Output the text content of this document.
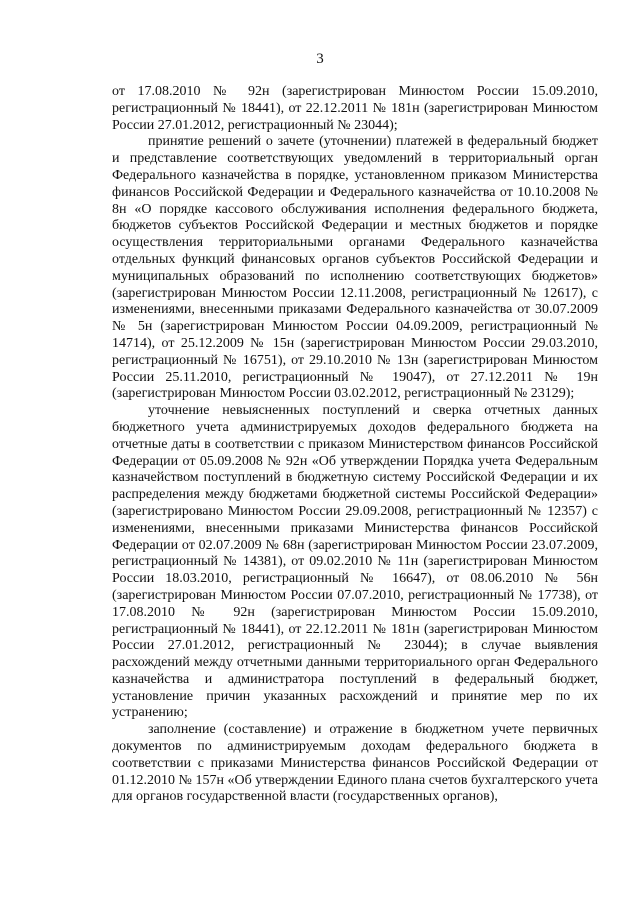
3

от 17.08.2010 № 92н (зарегистрирован Минюстом России 15.09.2010, регистрационный № 18441), от 22.12.2011 № 181н (зарегистрирован Минюстом России 27.01.2012, регистрационный № 23044);

принятие решений о зачете (уточнении) платежей в федеральный бюджет и представление соответствующих уведомлений в территориальный орган Федерального казначейства в порядке, установленном приказом Министерства финансов Российской Федерации и Федерального казначейства от 10.10.2008 № 8н «О порядке кассового обслуживания исполнения федерального бюджета, бюджетов субъектов Российской Федерации и местных бюджетов и порядке осуществления территориальными органами Федерального казначейства отдельных функций финансовых органов субъектов Российской Федерации и муниципальных образований по исполнению соответствующих бюджетов» (зарегистрирован Минюстом России 12.11.2008, регистрационный № 12617), с изменениями, внесенными приказами Федерального казначейства от 30.07.2009 № 5н (зарегистрирован Минюстом России 04.09.2009, регистрационный № 14714), от 25.12.2009 № 15н (зарегистрирован Минюстом России 29.03.2010, регистрационный № 16751), от 29.10.2010 № 13н (зарегистрирован Минюстом России 25.11.2010, регистрационный № 19047), от 27.12.2011 № 19н (зарегистрирован Минюстом России 03.02.2012, регистрационный № 23129);

уточнение невыясненных поступлений и сверка отчетных данных бюджетного учета администрируемых доходов федерального бюджета на отчетные даты в соответствии с приказом Министерством финансов Российской Федерации от 05.09.2008 № 92н «Об утверждении Порядка учета Федеральным казначейством поступлений в бюджетную систему Российской Федерации и их распределения между бюджетами бюджетной системы Российской Федерации» (зарегистрировано Минюстом России 29.09.2008, регистрационный № 12357) с изменениями, внесенными приказами Министерства финансов Российской Федерации от 02.07.2009 № 68н (зарегистрирован Минюстом России 23.07.2009, регистрационный № 14381), от 09.02.2010 № 11н (зарегистрирован Минюстом России 18.03.2010, регистрационный № 16647), от 08.06.2010 № 56н (зарегистрирован Минюстом России 07.07.2010, регистрационный № 17738), от 17.08.2010 № 92н (зарегистрирован Минюстом России 15.09.2010, регистрационный № 18441), от 22.12.2011 № 181н (зарегистрирован Минюстом России 27.01.2012, регистрационный № 23044); в случае выявления расхождений между отчетными данными территориального орган Федерального казначейства и администратора поступлений в федеральный бюджет, установление причин указанных расхождений и принятие мер по их устранению;

заполнение (составление) и отражение в бюджетном учете первичных документов по администрируемым доходам федерального бюджета в соответствии с приказами Министерства финансов Российской Федерации от 01.12.2010 № 157н «Об утверждении Единого плана счетов бухгалтерского учета для органов государственной власти (государственных органов),
